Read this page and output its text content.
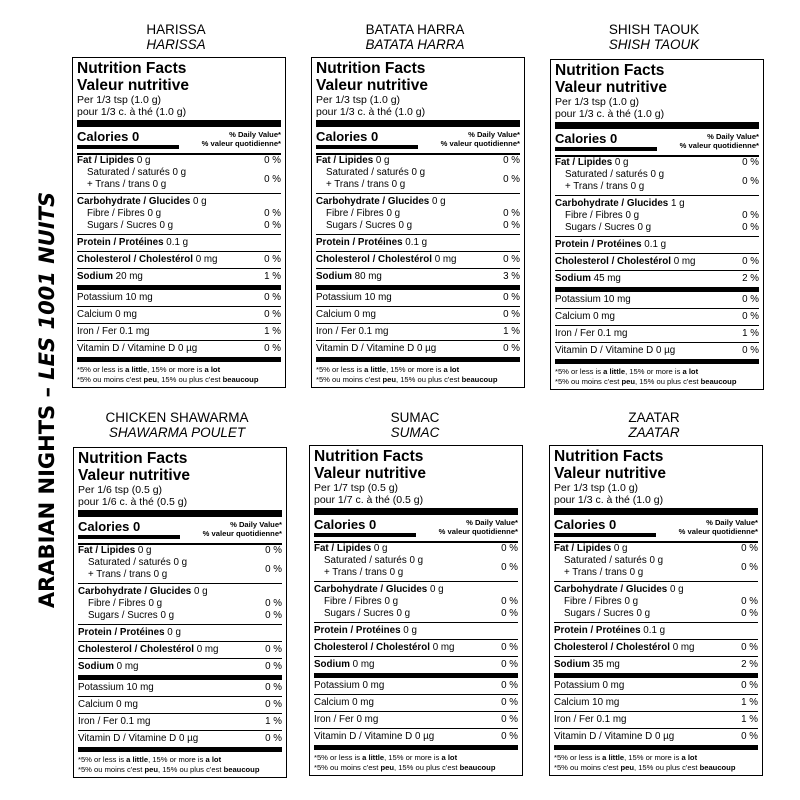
ARABIAN NIGHTS – LES 1001 NUITS
HARISSA
HARISSA
Nutrition Facts
Valeur nutritive
Per 1/3 tsp (1.0 g)
pour 1/3 c. à thé (1.0 g)
Calories 0	% Daily Value*
% valeur quotidienne*
Fat / Lipides 0 g	0 %
Saturated / saturés 0 g
+ Trans / trans 0 g	0 %
Carbohydrate / Glucides 0 g
Fibre / Fibres 0 g	0 %
Sugars / Sucres 0 g	0 %
Protein / Protéines 0.1 g
Cholesterol / Cholestérol 0 mg	0 %
Sodium 20 mg	1 %
Potassium 10 mg	0 %
Calcium 0 mg	0 %
Iron / Fer 0.1 mg	1 %
Vitamin D / Vitamine D 0 µg	0 %
*5% or less is a little, 15% or more is a lot
*5% ou moins c'est peu, 15% ou plus c'est beaucoup
BATATA HARRA
BATATA HARRA
Nutrition Facts
Valeur nutritive
Per 1/3 tsp (1.0 g)
pour 1/3 c. à thé (1.0 g)
Calories 0	% Daily Value*
% valeur quotidienne*
Fat / Lipides 0 g	0 %
Saturated / saturés 0 g
+ Trans / trans 0 g	0 %
Carbohydrate / Glucides 0 g
Fibre / Fibres 0 g	0 %
Sugars / Sucres 0 g	0 %
Protein / Protéines 0.1 g
Cholesterol / Cholestérol 0 mg	0 %
Sodium 80 mg	3 %
Potassium 10 mg	0 %
Calcium 0 mg	0 %
Iron / Fer 0.1 mg	1 %
Vitamin D / Vitamine D 0 µg	0 %
*5% or less is a little, 15% or more is a lot
*5% ou moins c'est peu, 15% ou plus c'est beaucoup
SHISH TAOUK
SHISH TAOUK
Nutrition Facts
Valeur nutritive
Per 1/3 tsp (1.0 g)
pour 1/3 c. à thé (1.0 g)
Calories 0	% Daily Value*
% valeur quotidienne*
Fat / Lipides 0 g	0 %
Saturated / saturés 0 g
+ Trans / trans 0 g	0 %
Carbohydrate / Glucides 1 g
Fibre / Fibres 0 g	0 %
Sugars / Sucres 0 g	0 %
Protein / Protéines 0.1 g
Cholesterol / Cholestérol 0 mg	0 %
Sodium 45 mg	2 %
Potassium 10 mg	0 %
Calcium 0 mg	0 %
Iron / Fer 0.1 mg	1 %
Vitamin D / Vitamine D 0 µg	0 %
*5% or less is a little, 15% or more is a lot
*5% ou moins c'est peu, 15% ou plus c'est beaucoup
CHICKEN SHAWARMA
SHAWARMA POULET
Nutrition Facts
Valeur nutritive
Per 1/6 tsp (0.5 g)
pour 1/6 c. à thé (0.5 g)
Calories 0	% Daily Value*
% valeur quotidienne*
Fat / Lipides 0 g	0 %
Saturated / saturés 0 g
+ Trans / trans 0 g	0 %
Carbohydrate / Glucides 0 g
Fibre / Fibres 0 g	0 %
Sugars / Sucres 0 g	0 %
Protein / Protéines 0 g
Cholesterol / Cholestérol 0 mg	0 %
Sodium 0 mg	0 %
Potassium 10 mg	0 %
Calcium 0 mg	0 %
Iron / Fer 0.1 mg	1 %
Vitamin D / Vitamine D 0 µg	0 %
*5% or less is a little, 15% or more is a lot
*5% ou moins c'est peu, 15% ou plus c'est beaucoup
SUMAC
SUMAC
Nutrition Facts
Valeur nutritive
Per 1/7 tsp (0.5 g)
pour 1/7 c. à thé (0.5 g)
Calories 0	% Daily Value*
% valeur quotidienne*
Fat / Lipides 0 g	0 %
Saturated / saturés 0 g
+ Trans / trans 0 g	0 %
Carbohydrate / Glucides 0 g
Fibre / Fibres 0 g	0 %
Sugars / Sucres 0 g	0 %
Protein / Protéines 0 g
Cholesterol / Cholestérol 0 mg	0 %
Sodium 0 mg	0 %
Potassium 0 mg	0 %
Calcium 0 mg	0 %
Iron / Fer 0 mg	0 %
Vitamin D / Vitamine D 0 µg	0 %
*5% or less is a little, 15% or more is a lot
*5% ou moins c'est peu, 15% ou plus c'est beaucoup
ZAATAR
ZAATAR
Nutrition Facts
Valeur nutritive
Per 1/3 tsp (1.0 g)
pour 1/3 c. à thé (1.0 g)
Calories 0	% Daily Value*
% valeur quotidienne*
Fat / Lipides 0 g	0 %
Saturated / saturés 0 g
+ Trans / trans 0 g	0 %
Carbohydrate / Glucides 0 g
Fibre / Fibres 0 g	0 %
Sugars / Sucres 0 g	0 %
Protein / Protéines 0.1 g
Cholesterol / Cholestérol 0 mg	0 %
Sodium 35 mg	2 %
Potassium 0 mg	0 %
Calcium 10 mg	1 %
Iron / Fer 0.1 mg	1 %
Vitamin D / Vitamine D 0 µg	0 %
*5% or less is a little, 15% or more is a lot
*5% ou moins c'est peu, 15% ou plus c'est beaucoup
